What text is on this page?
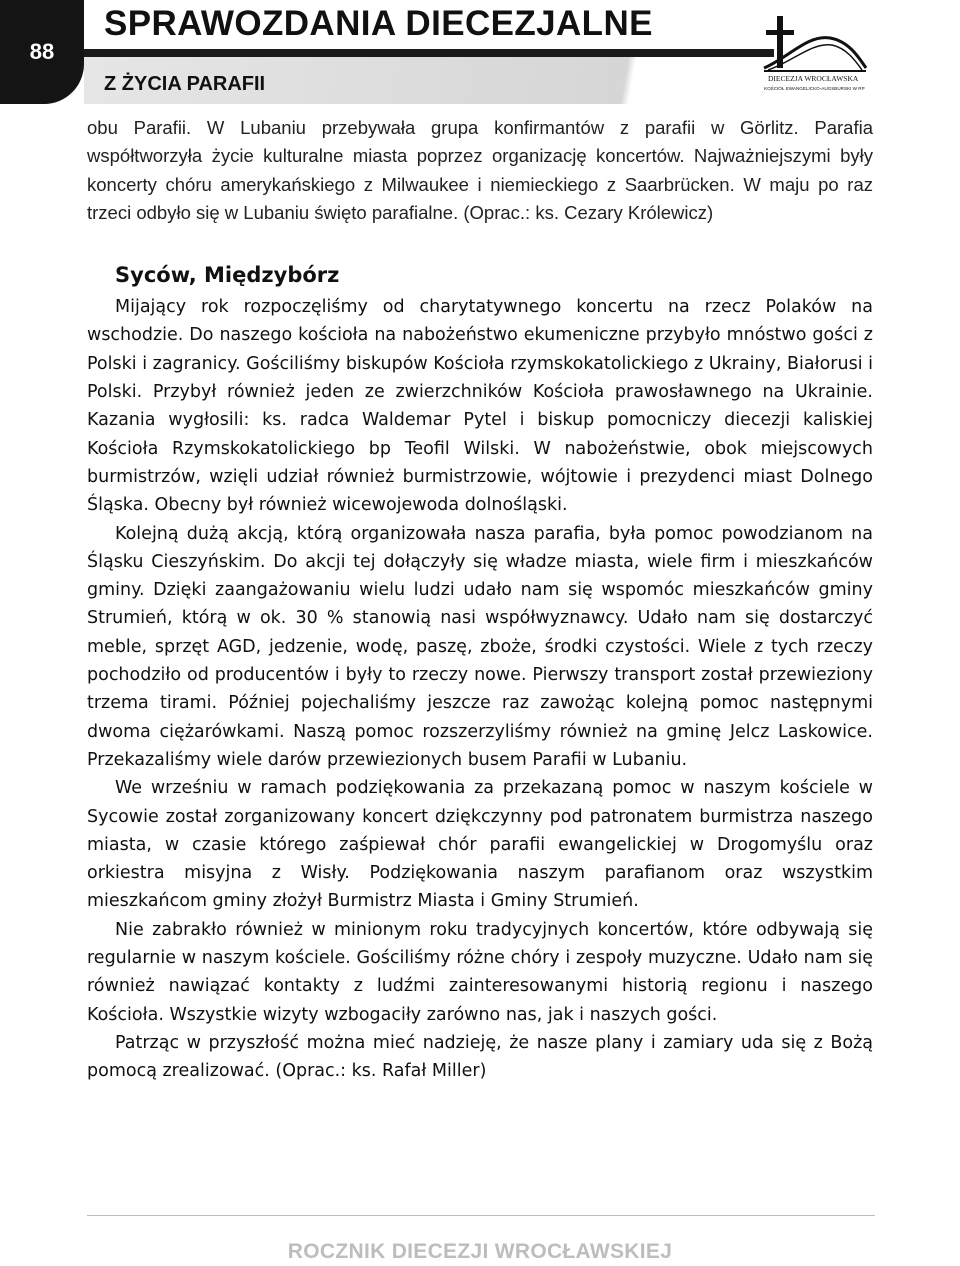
88
SPRAWOZDANIA DIECEZJALNE
Z ŻYCIA PARAFII	DIECEZJA WROCŁAWSKA
KOŚCIÓŁ EWANGELICKO-AUGSBURSKI W RP

obu Parafii. W Lubaniu przebywała grupa konfirmantów z parafii w Görlitz. Parafia współtworzyła życie kulturalne miasta poprzez organizację koncertów. Najważniejszymi były koncerty chóru amerykańskiego z Milwaukee i niemieckiego z Saarbrücken. W maju po raz trzeci odbyło się w Lubaniu święto parafialne. (Oprac.: ks. Cezary Królewicz)

Syców, Międzybórz

Mijający rok rozpoczęliśmy od charytatywnego koncertu na rzecz Polaków na wschodzie. Do naszego kościoła na nabożeństwo ekumeniczne przybyło mnóstwo gości z Polski i zagranicy. Gościliśmy biskupów Kościoła rzymskokatolickiego z Ukrainy, Białorusi i Polski. Przybył również jeden ze zwierzchników Kościoła prawosławnego na Ukrainie. Kazania wygłosili: ks. radca Waldemar Pytel i biskup pomocniczy diecezji kaliskiej Kościoła Rzymskokatolickiego bp Teofil Wilski. W nabożeństwie, obok miejscowych burmistrzów, wzięli udział również burmistrzowie, wójtowie i prezydenci miast Dolnego Śląska. Obecny był również wicewojewoda dolnośląski.

Kolejną dużą akcją, którą organizowała nasza parafia, była pomoc powodzianom na Śląsku Cieszyńskim. Do akcji tej dołączyły się władze miasta, wiele firm i mieszkańców gminy. Dzięki zaangażowaniu wielu ludzi udało nam się wspomóc mieszkańców gminy Strumień, którą w ok. 30 % stanowią nasi współwyznawcy. Udało nam się dostarczyć meble, sprzęt AGD, jedzenie, wodę, paszę, zboże, środki czystości. Wiele z tych rzeczy pochodziło od producentów i były to rzeczy nowe. Pierwszy transport został przewieziony trzema tirami. Później pojechaliśmy jeszcze raz zawożąc kolejną pomoc następnymi dwoma ciężarówkami. Naszą pomoc rozszerzyliśmy również na gminę Jelcz Laskowice. Przekazaliśmy wiele darów przewiezionych busem Parafii w Lubaniu.

We wrześniu w ramach podziękowania za przekazaną pomoc w naszym kościele w Sycowie został zorganizowany koncert dziękczynny pod patronatem burmistrza naszego miasta, w czasie którego zaśpiewał chór parafii ewangelickiej w Drogomyślu oraz orkiestra misyjna z Wisły. Podziękowania naszym parafianom oraz wszystkim mieszkańcom gminy złożył Burmistrz Miasta i Gminy Strumień.

Nie zabrakło również w minionym roku tradycyjnych koncertów, które odbywają się regularnie w naszym kościele. Gościliśmy różne chóry i zespoły muzyczne. Udało nam się również nawiązać kontakty z ludźmi zainteresowanymi historią regionu i naszego Kościoła. Wszystkie wizyty wzbogaciły zarówno nas, jak i naszych gości.

Patrząc w przyszłość można mieć nadzieję, że nasze plany i zamiary uda się z Bożą pomocą zrealizować. (Oprac.: ks. Rafał Miller)

ROCZNIK DIECEZJI WROCŁAWSKIEJ
